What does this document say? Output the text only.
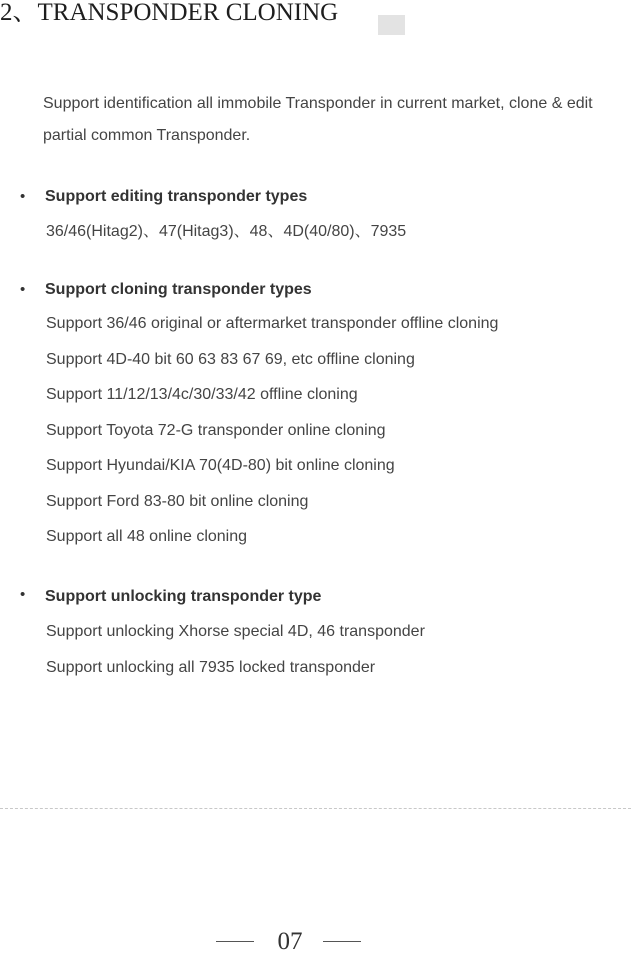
2、TRANSPONDER CLONING
Support identification all immobile Transponder in current market, clone & edit partial common Transponder.
• Support editing transponder types
36/46(Hitag2)、47(Hitag3)、48、4D(40/80)、7935
• Support cloning transponder types
Support 36/46 original or aftermarket transponder offline cloning
Support 4D-40 bit 60 63 83 67 69, etc offline cloning
Support 11/12/13/4c/30/33/42 offline cloning
Support Toyota 72-G transponder online cloning
Support Hyundai/KIA 70(4D-80) bit online cloning
Support Ford 83-80 bit online cloning
Support all 48 online cloning
• Support unlocking transponder type
Support unlocking Xhorse special 4D, 46 transponder
Support unlocking all 7935 locked transponder
07
